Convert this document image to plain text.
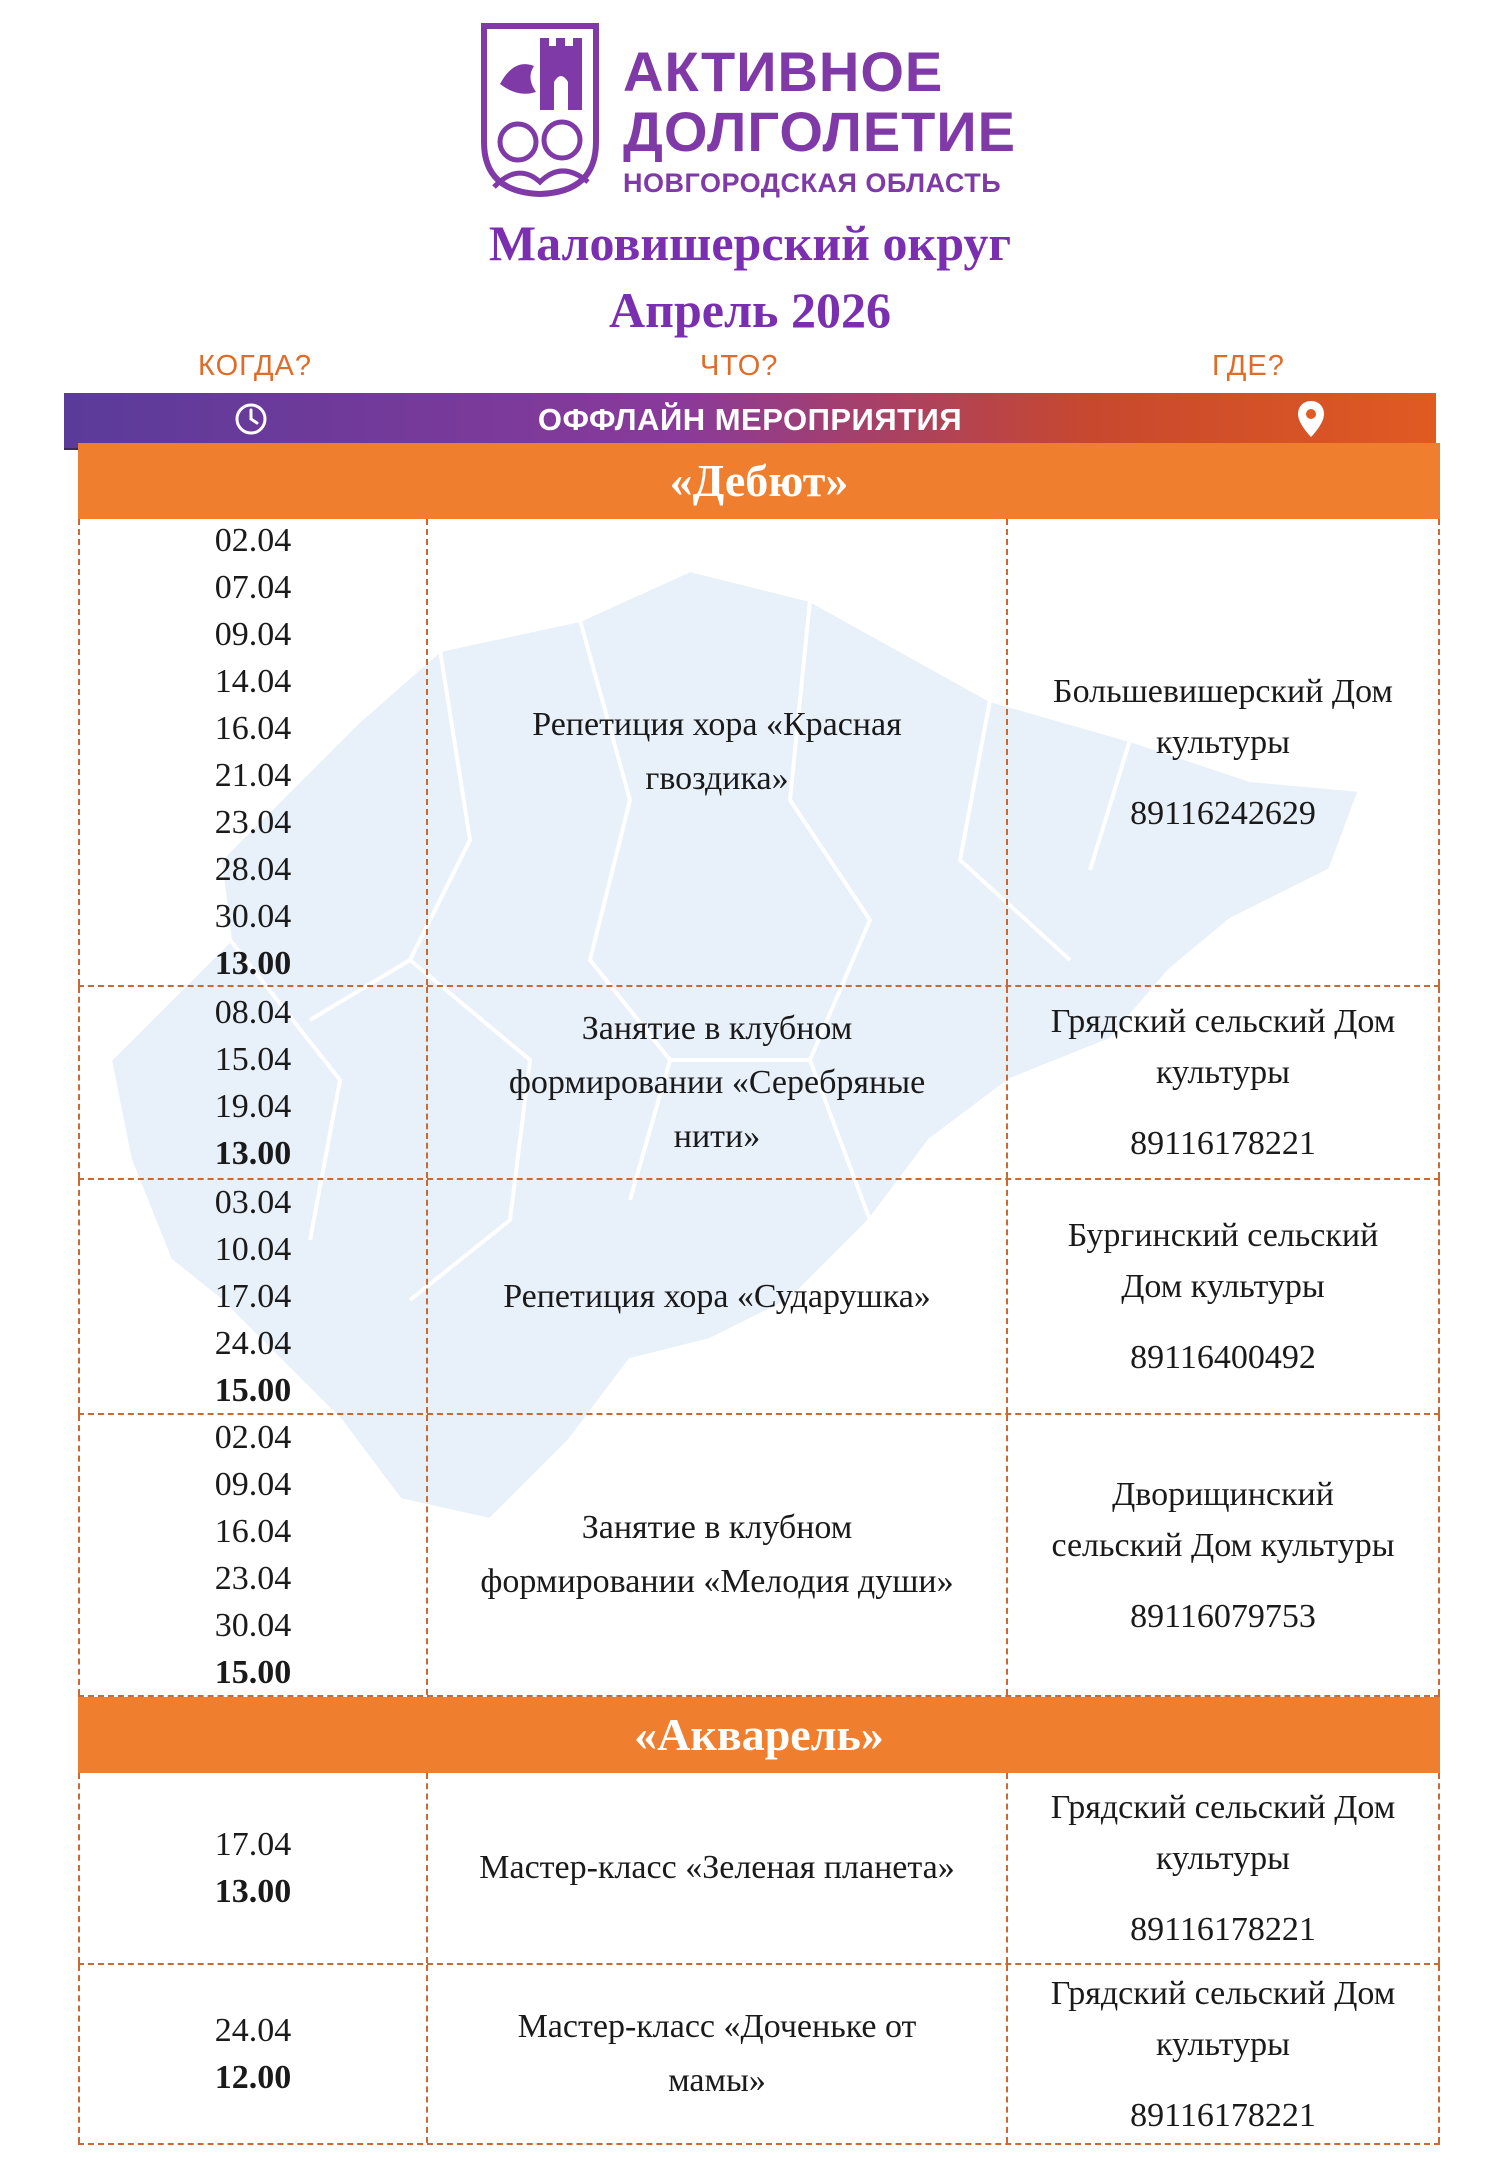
АКТИВНОЕ
ДОЛГОЛЕТИЕ
НОВГОРОДСКАЯ ОБЛАСТЬ
Маловишерский округ
Апрель 2026
КОГДА?	ЧТО?	ГДЕ?
ОФФЛАЙН МЕРОПРИЯТИЯ
«Дебют»
02.04
07.04
09.04
14.04
16.04
21.04
23.04
28.04
30.04
13.00
Репетиция хора «Красная
гвоздика»
Большевишерский Дом
культуры
89116242629
08.04
15.04
19.04
13.00
Занятие в клубном
формировании «Серебряные
нити»
Грядский сельский Дом
культуры
89116178221
03.04
10.04
17.04
24.04
15.00
Репетиция хора «Сударушка»
Бургинский сельский
Дом культуры
89116400492
02.04
09.04
16.04
23.04
30.04
15.00
Занятие в клубном
формировании «Мелодия души»
Дворищинский
сельский Дом культуры
89116079753
«Акварель»
17.04
13.00
Мастер-класс «Зеленая планета»
Грядский сельский Дом
культуры
89116178221
24.04
12.00
Мастер-класс «Доченьке от
мамы»
Грядский сельский Дом
культуры
89116178221
